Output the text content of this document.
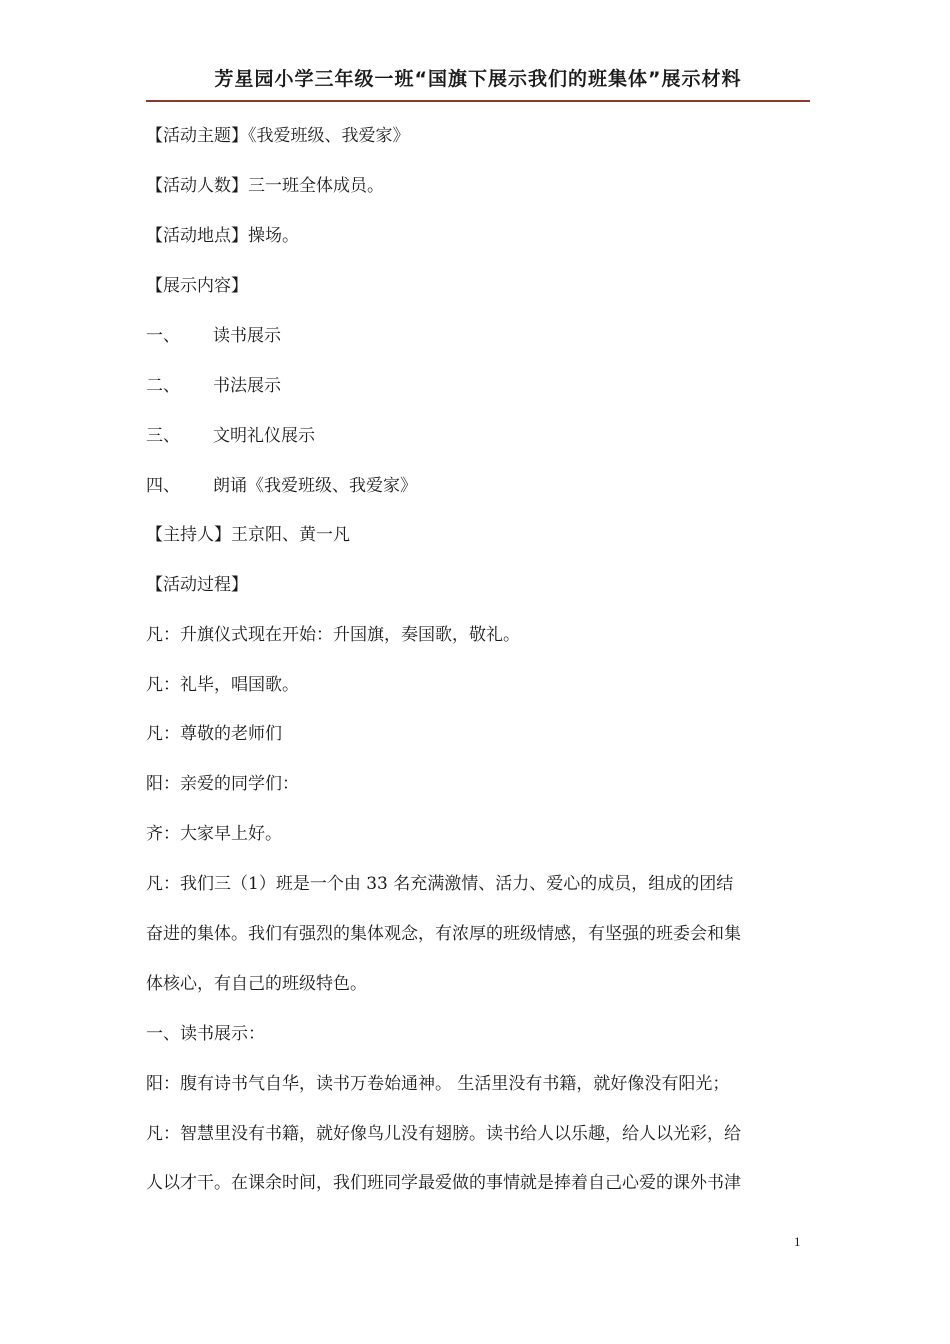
芳星园小学三年级一班“国旗下展示我们的班集体”展示材料
【活动主题】《我爱班级、我爱家》
【活动人数】三一班全体成员。
【活动地点】操场。
【展示内容】
一、 读书展示
二、 书法展示
三、 文明礼仪展示
四、 朗诵《我爱班级、我爱家》
【主持人】王京阳、黄一凡
【活动过程】
凡：升旗仪式现在开始：升国旗，奏国歌，敬礼。
凡：礼毕，唱国歌。
凡：尊敬的老师们
阳：亲爱的同学们：
齐：大家早上好。
凡：我们三（1）班是一个由 33 名充满激情、活力、爱心的成员，组成的团结
奋进的集体。我们有强烈的集体观念，有浓厚的班级情感，有坚强的班委会和集
体核心，有自己的班级特色。
一、读书展示：
阳：腹有诗书气自华，读书万卷始通神。 生活里没有书籍，就好像没有阳光；
凡：智慧里没有书籍，就好像鸟儿没有翅膀。读书给人以乐趣，给人以光彩，给
人以才干。在课余时间，我们班同学最爱做的事情就是捧着自己心爱的课外书津
1
